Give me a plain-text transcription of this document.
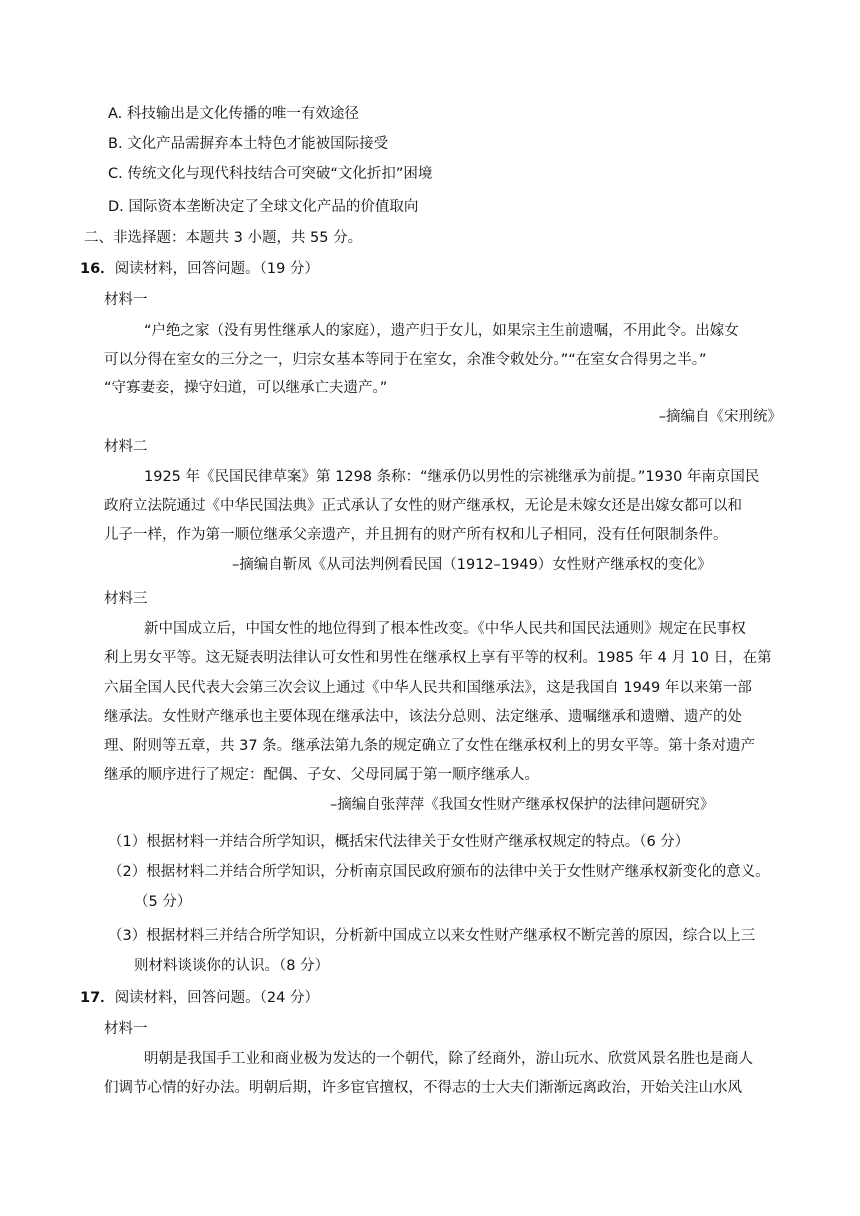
A. 科技输出是文化传播的唯一有效途径
B. 文化产品需摒弃本土特色才能被国际接受
C. 传统文化与现代科技结合可突破“文化折扣”困境
D. 国际资本垄断决定了全球文化产品的价值取向
二、非选择题：本题共 3 小题，共 55 分。
16．阅读材料，回答问题。（19 分）
材料一
“户绝之家（没有男性继承人的家庭），遗产归于女儿，如果宗主生前遗嘱，不用此令。出嫁女
可以分得在室女的三分之一，归宗女基本等同于在室女，余准令敕处分。”“在室女合得男之半。”
“守寡妻妾，操守妇道，可以继承亡夫遗产。”
–摘编自《宋刑统》
材料二
1925 年《民国民律草案》第 1298 条称：“继承仍以男性的宗祧继承为前提。”1930 年南京国民
政府立法院通过《中华民国法典》正式承认了女性的财产继承权，无论是未嫁女还是出嫁女都可以和
儿子一样，作为第一顺位继承父亲遗产，并且拥有的财产所有权和儿子相同，没有任何限制条件。
–摘编自靳凤《从司法判例看民国（1912–1949）女性财产继承权的变化》
材料三
新中国成立后，中国女性的地位得到了根本性改变。《中华人民共和国民法通则》规定在民事权
利上男女平等。这无疑表明法律认可女性和男性在继承权上享有平等的权利。1985 年 4 月 10 日，在第
六届全国人民代表大会第三次会议上通过《中华人民共和国继承法》，这是我国自 1949 年以来第一部
继承法。女性财产继承也主要体现在继承法中，该法分总则、法定继承、遗嘱继承和遗赠、遗产的处
理、附则等五章，共 37 条。继承法第九条的规定确立了女性在继承权利上的男女平等。第十条对遗产
继承的顺序进行了规定：配偶、子女、父母同属于第一顺序继承人。
–摘编自张萍萍《我国女性财产继承权保护的法律问题研究》
（1）根据材料一并结合所学知识，概括宋代法律关于女性财产继承权规定的特点。（6 分）
（2）根据材料二并结合所学知识，分析南京国民政府颁布的法律中关于女性财产继承权新变化的意义。
（5 分）
（3）根据材料三并结合所学知识，分析新中国成立以来女性财产继承权不断完善的原因，综合以上三
则材料谈谈你的认识。（8 分）
17．阅读材料，回答问题。（24 分）
材料一
明朝是我国手工业和商业极为发达的一个朝代，除了经商外，游山玩水、欣赏风景名胜也是商人
们调节心情的好办法。明朝后期，许多宦官擅权，不得志的士大夫们渐渐远离政治，开始关注山水风
